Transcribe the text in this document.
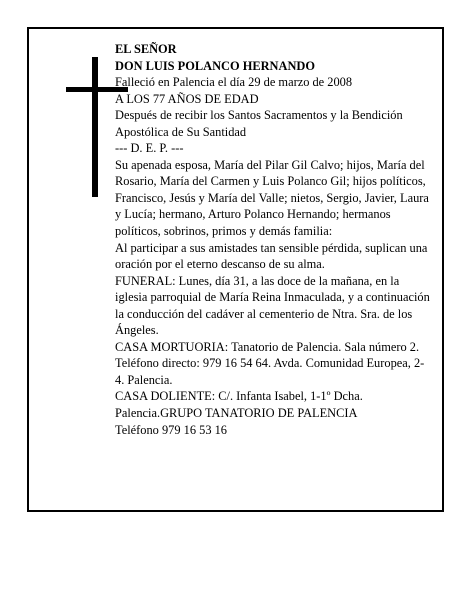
EL SEÑOR

DON LUIS POLANCO HERNANDO

Falleció en Palencia el día 29 de marzo de 2008

A LOS 77 AÑOS DE EDAD

Después de recibir los Santos Sacramentos y la Bendición Apostólica de Su Santidad

--- D. E. P. ---

Su apenada esposa, María del Pilar Gil Calvo; hijos, María del Rosario, María del Carmen y Luis Polanco Gil; hijos políticos, Francisco, Jesús y María del Valle; nietos, Sergio, Javier, Laura y Lucía; hermano, Arturo Polanco Hernando; hermanos políticos, sobrinos, primos y demás familia:

Al participar a sus amistades tan sensible pérdida, suplican una oración por el eterno descanso de su alma.

FUNERAL: Lunes, día 31, a las doce de la mañana, en la iglesia parroquial de María Reina Inmaculada, y a continuación la conducción del cadáver al cementerio de Ntra. Sra. de los Ángeles.

CASA MORTUORIA: Tanatorio de Palencia. Sala número 2. Teléfono directo: 979 16 54 64. Avda. Comunidad Europea, 2-4. Palencia.

CASA DOLIENTE: C/. Infanta Isabel, 1-1º Dcha. Palencia.GRUPO TANATORIO DE PALENCIA

Teléfono 979 16 53 16
